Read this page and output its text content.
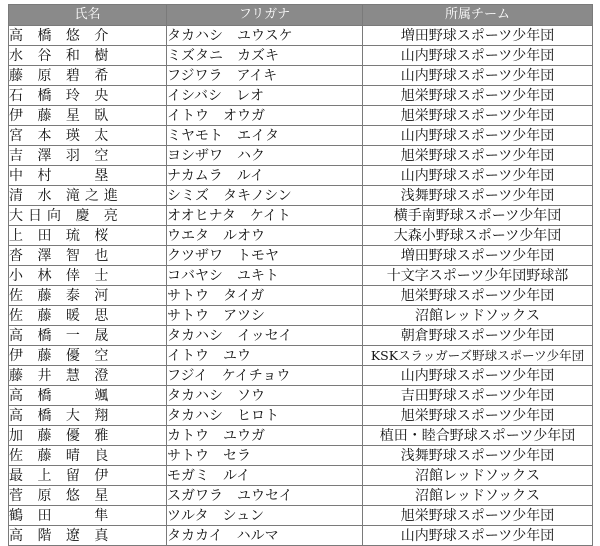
氏名	フリガナ	所属チーム
高 橋 悠 介	タカハシ　ユウスケ	増田野球スポーツ少年団
水 谷 和 樹	ミズタニ　カズキ	山内野球スポーツ少年団
藤 原 碧 希	フジワラ　アイキ	山内野球スポーツ少年団
石 橋 玲 央	イシバシ　レオ	旭栄野球スポーツ少年団
伊 藤 星 臥	イトウ　オウガ	旭栄野球スポーツ少年団
宮 本 瑛 太	ミヤモト　エイタ	山内野球スポーツ少年団
吉 澤 羽 空	ヨシザワ　ハク	旭栄野球スポーツ少年団
中 村 　 塁	ナカムラ　ルイ	山内野球スポーツ少年団
清 水 滝之進	シミズ　タキノシン	浅舞野球スポーツ少年団
大日向 慶 亮	オオヒナタ　ケイト	横手南野球スポーツ少年団
上 田 琉 桜	ウエタ　ルオウ	大森小野球スポーツ少年団
沓 澤 智 也	クツザワ　トモヤ	増田野球スポーツ少年団
小 林 倖 士	コバヤシ　ユキト	十文字スポーツ少年団野球部
佐 藤 泰 河	サトウ　タイガ	旭栄野球スポーツ少年団
佐 藤 暖 思	サトウ　アツシ	沼館レッドソックス
高 橋 一 晟	タカハシ　イッセイ	朝倉野球スポーツ少年団
伊 藤 優 空	イトウ　ユウ	KSKスラッガーズ野球スポーツ少年団
藤 井 慧 澄	フジイ　ケイチョウ	山内野球スポーツ少年団
高 橋 　 颯	タカハシ　ソウ	吉田野球スポーツ少年団
高 橋 大 翔	タカハシ　ヒロト	旭栄野球スポーツ少年団
加 藤 優 雅	カトウ　ユウガ	植田・睦合野球スポーツ少年団
佐 藤 晴 良	サトウ　セラ	浅舞野球スポーツ少年団
最 上 留 伊	モガミ　ルイ	沼館レッドソックス
菅 原 悠 星	スガワラ　ユウセイ	沼館レッドソックス
鶴 田 　 隼	ツルタ　シュン	旭栄野球スポーツ少年団
高 階 遼 真	タカカイ　ハルマ	山内野球スポーツ少年団
